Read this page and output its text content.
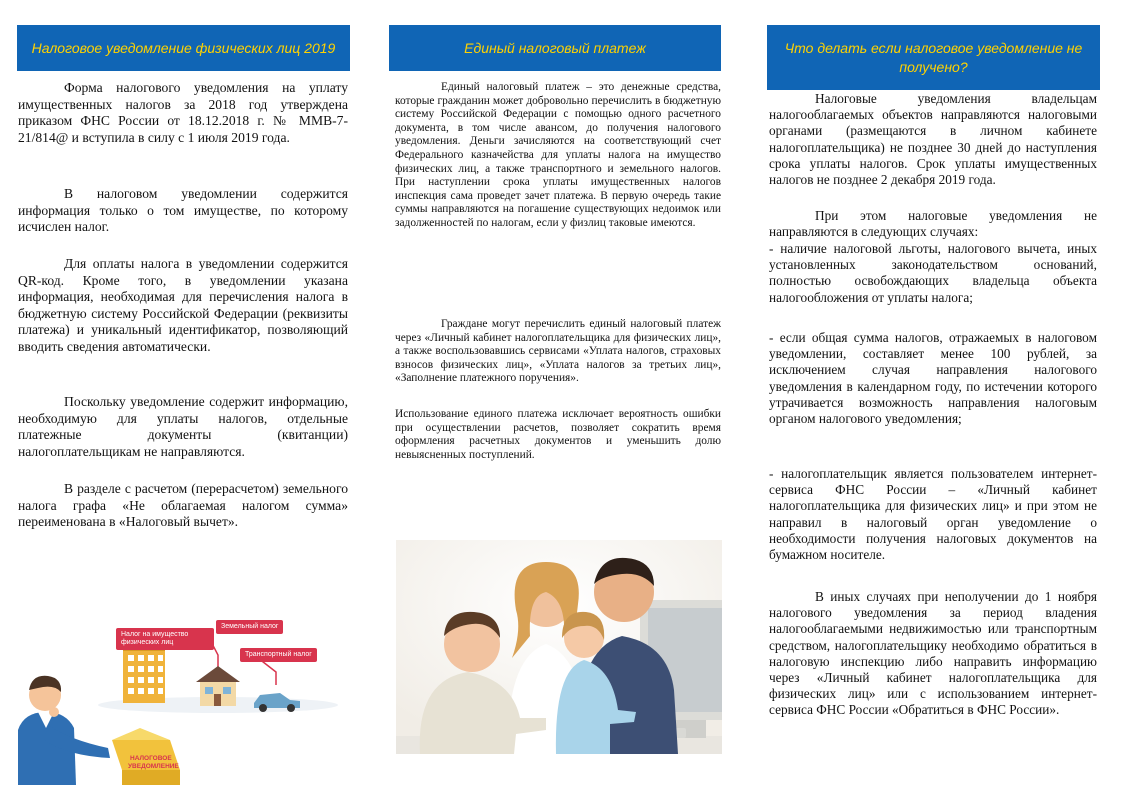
Налоговое уведомление физических лиц 2019

Форма налогового уведомления на уплату имущественных налогов за 2018 год утверждена приказом ФНС России от 18.12.2018 г. № ММВ-7-21/814@ и вступила в силу с 1 июля 2019 года.

В налоговом уведомлении содержится информация только о том имуществе, по которому исчислен налог.

Для оплаты налога в уведомлении содержится QR-код. Кроме того, в уведомлении указана информация, необходимая для перечисления налога в бюджетную систему Российской Федерации (реквизиты платежа) и уникальный идентификатор, позволяющий вводить сведения автоматически.

Поскольку уведомление содержит информацию, необходимую для уплаты налогов, отдельные платежные документы (квитанции) налогоплательщикам не направляются.

В разделе с расчетом (перерасчетом) земельного налога графа «Не облагаемая налогом сумма» переименована в «Налоговый вычет».

НАЛОГОВОЕ
УВЕДОМЛЕНИЕ
Налог на имущество физических лиц
Земельный налог
Транспортный налог
Единый налоговый платеж

Единый налоговый платеж – это денежные средства, которые гражданин может добровольно перечислить в бюджетную систему Российской Федерации с помощью одного расчетного документа, в том числе авансом, до получения налогового уведомления. Деньги зачисляются на соответствующий счет Федерального казначейства для уплаты налога на имущество физических лиц, а также транспортного и земельного налогов. При наступлении срока уплаты имущественных налогов инспекция сама проведет зачет платежа. В первую очередь такие суммы направляются на погашение существующих недоимок или задолженностей по налогам, если у физлиц таковые имеются.

Граждане могут перечислить единый налоговый платеж через «Личный кабинет налогоплательщика для физических лиц», а также воспользовавшись сервисами «Уплата налогов, страховых взносов физических лиц», «Уплата налогов за третьих лиц», «Заполнение платежного поручения».

Использование единого платежа исключает вероятность ошибки при осуществлении расчетов, позволяет сократить время оформления расчетных документов и уменьшить долю невыясненных поступлений.

Что делать если налоговое уведомление не
получено?

Налоговые уведомления владельцам налогооблагаемых объектов направляются налоговыми органами (размещаются в личном кабинете налогоплательщика) не позднее 30 дней до наступления срока уплаты налогов. Срок уплаты имущественных налогов не позднее 2 декабря 2019 года.

При этом налоговые уведомления не направляются в следующих случаях:

- наличие налоговой льготы, налогового вычета, иных установленных законодательством оснований, полностью освобождающих владельца объекта налогообложения от уплаты налога;

- если общая сумма налогов, отражаемых в налоговом уведомлении, составляет менее 100 рублей, за исключением случая направления налогового уведомления в календарном году, по истечении которого утрачивается возможность направления налоговым органом налогового уведомления;

- налогоплательщик является пользователем интернет-сервиса ФНС России – «Личный кабинет налогоплательщика для физических лиц» и при этом не направил в налоговый орган уведомление о необходимости получения налоговых документов на бумажном носителе.

В иных случаях при неполучении до 1 ноября налогового уведомления за период владения налогооблагаемыми недвижимостью или транспортным средством, налогоплательщику необходимо обратиться в налоговую инспекцию либо направить информацию через «Личный кабинет налогоплательщика для физических лиц» или с использованием интернет-сервиса ФНС России «Обратиться в ФНС России».
